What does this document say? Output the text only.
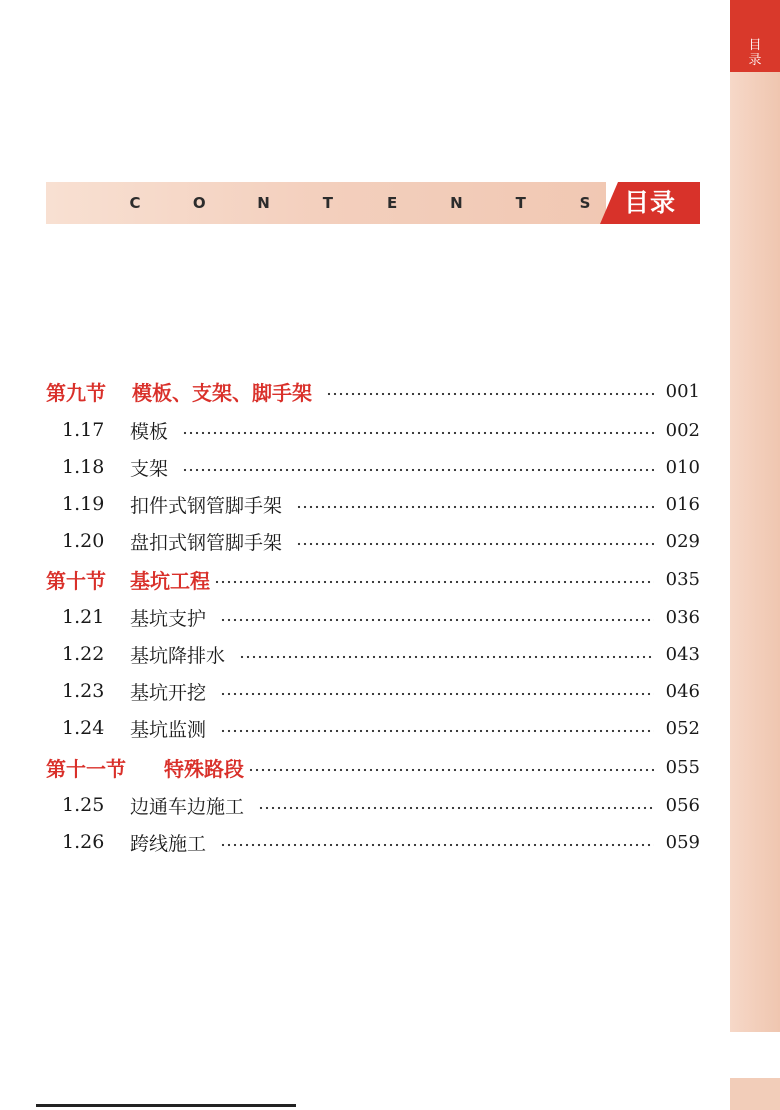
目
录
C	O	N	T	E	N	T	S	目录
第九节	模板、支架、脚手架	001
1.17	模板	002
1.18	支架	010
1.19	扣件式钢管脚手架	016
1.20	盘扣式钢管脚手架	029
第十节	基坑工程	035
1.21	基坑支护	036
1.22	基坑降排水	043
1.23	基坑开挖	046
1.24	基坑监测	052
第十一节	特殊路段	055
1.25	边通车边施工	056
1.26	跨线施工	059
